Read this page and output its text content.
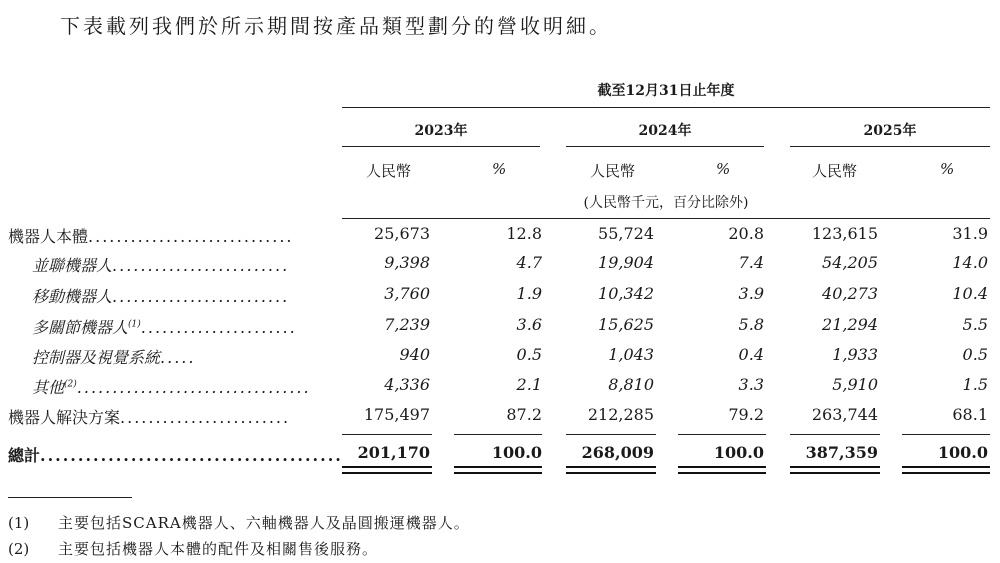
下表載列我們於所示期間按產品類型劃分的營收明細。
截至12月31日止年度
2023年	2024年	2025年
人民幣	%	人民幣	%	人民幣	%
(人民幣千元，百分比除外)
機器人本體.............................	25,673	12.8	55,724	20.8	123,615	31.9
並聯機器人.........................	9,398	4.7	19,904	7.4	54,205	14.0
移動機器人.........................	3,760	1.9	10,342	3.9	40,273	10.4
多關節機器人$^{(1)}$......................	7,239	3.6	15,625	5.8	21,294	5.5
控制器及視覺系統.....	940	0.5	1,043	0.4	1,933	0.5
其他$^{(2)}$.................................	4,336	2.1	8,810	3.3	5,910	1.5
機器人解決方案........................	175,497	87.2	212,285	79.2	263,744	68.1
總計........................................ 201,170	100.0 268,009	100.0	387,359	100.0
(1) 主要包括SCARA機器人、六軸機器人及晶圓搬運機器人。
(2) 主要包括機器人本體的配件及相關售後服務。
